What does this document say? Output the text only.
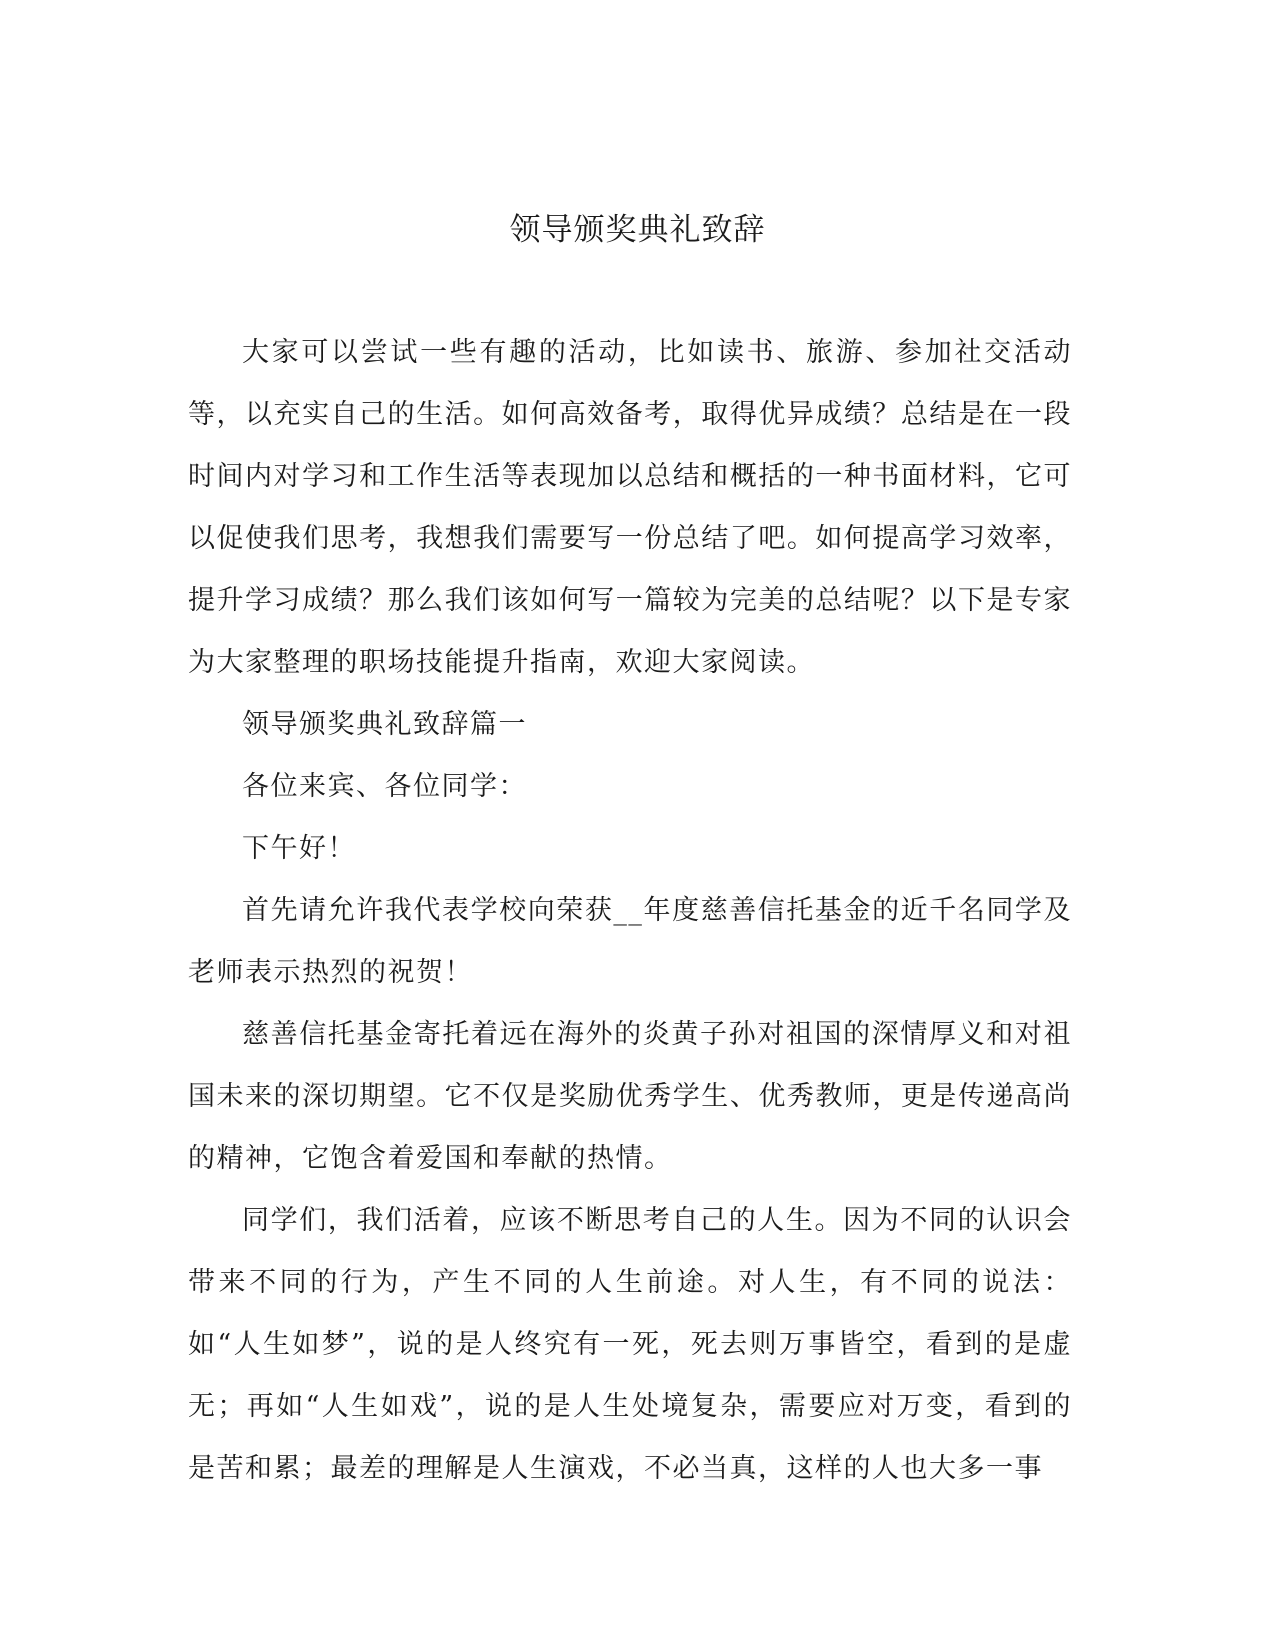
领导颁奖典礼致辞

大家可以尝试一些有趣的活动，比如读书、旅游、参加社交活动等，以充实自己的生活。如何高效备考，取得优异成绩？总结是在一段时间内对学习和工作生活等表现加以总结和概括的一种书面材料，它可以促使我们思考，我想我们需要写一份总结了吧。如何提高学习效率，提升学习成绩？那么我们该如何写一篇较为完美的总结呢？以下是专家为大家整理的职场技能提升指南，欢迎大家阅读。

领导颁奖典礼致辞篇一

各位来宾、各位同学：

下午好！

首先请允许我代表学校向荣获__年度慈善信托基金的近千名同学及老师表示热烈的祝贺！

慈善信托基金寄托着远在海外的炎黄子孙对祖国的深情厚义和对祖国未来的深切期望。它不仅是奖励优秀学生、优秀教师，更是传递高尚的精神，它饱含着爱国和奉献的热情。

同学们，我们活着，应该不断思考自己的人生。因为不同的认识会带来不同的行为，产生不同的人生前途。对人生，有不同的说法：如“人生如梦”，说的是人终究有一死，死去则万事皆空，看到的是虚无；再如“人生如戏”，说的是人生处境复杂，需要应对万变，看到的是苦和累；最差的理解是人生演戏，不必当真，这样的人也大多一事
